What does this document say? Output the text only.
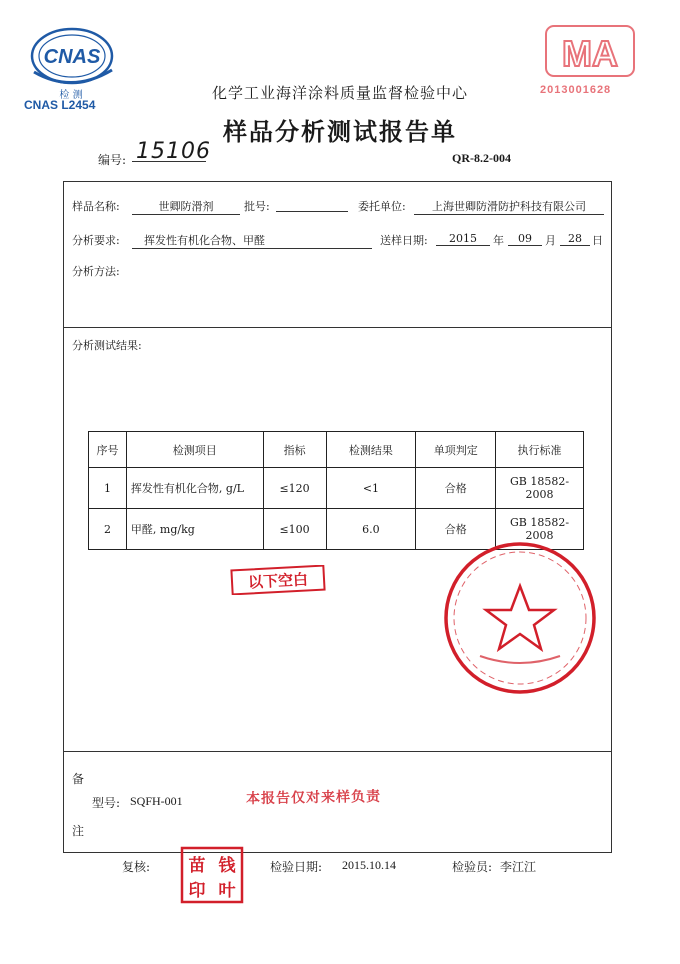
CNAS
检 测
CNAS L2454
MA
2013001628
化学工业海洋涂料质量监督检验中心
样品分析测试报告单
编号: 15106	QR-8.2-004
样品名称:	世卿防滑剂	批号:	委托单位:	上海世卿防滑防护科技有限公司
分析要求:	挥发性有机化合物、甲醛	送样日期:	2015	年	09	月	28 日
分析方法:
分析测试结果:
序号	检测项目	指标	检测结果	单项判定	执行标准
1	挥发性有机化合物, g/L	≤120	<1	合格	GB 18582-2008
2	甲醛, mg/kg	≤100	6.0	合格	GB 18582-2008
以下空白
备
型号: SQFH-001
注
本报告仅对来样负责
复核: 苗 钱
印 叶
检验日期: 2015.10.14	检验员: 李江江
